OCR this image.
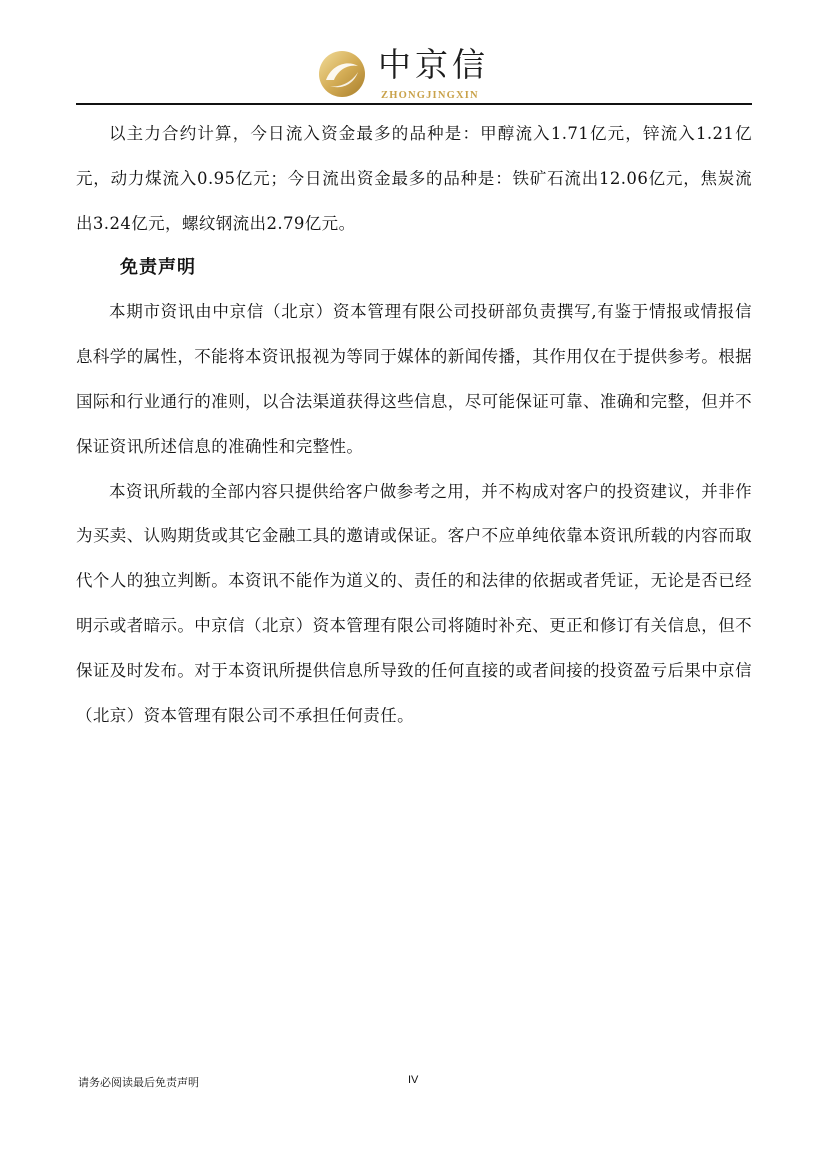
中京信
ZHONGJINGXIN

以主力合约计算，今日流入资金最多的品种是：甲醇流入1.71亿元，锌流入1.21亿元，动力煤流入0.95亿元；今日流出资金最多的品种是：铁矿石流出12.06亿元，焦炭流出3.24亿元，螺纹钢流出2.79亿元。

免责声明

本期市资讯由中京信（北京）资本管理有限公司投研部负责撰写,有鉴于情报或情报信息科学的属性，不能将本资讯报视为等同于媒体的新闻传播，其作用仅在于提供参考。根据国际和行业通行的准则，以合法渠道获得这些信息，尽可能保证可靠、准确和完整，但并不保证资讯所述信息的准确性和完整性。

本资讯所载的全部内容只提供给客户做参考之用，并不构成对客户的投资建议，并非作为买卖、认购期货或其它金融工具的邀请或保证。客户不应单纯依靠本资讯所载的内容而取代个人的独立判断。本资讯不能作为道义的、责任的和法律的依据或者凭证，无论是否已经明示或者暗示。中京信（北京）资本管理有限公司将随时补充、更正和修订有关信息，但不保证及时发布。对于本资讯所提供信息所导致的任何直接的或者间接的投资盈亏后果中京信（北京）资本管理有限公司不承担任何责任。

请务必阅读最后免责声明	IV
